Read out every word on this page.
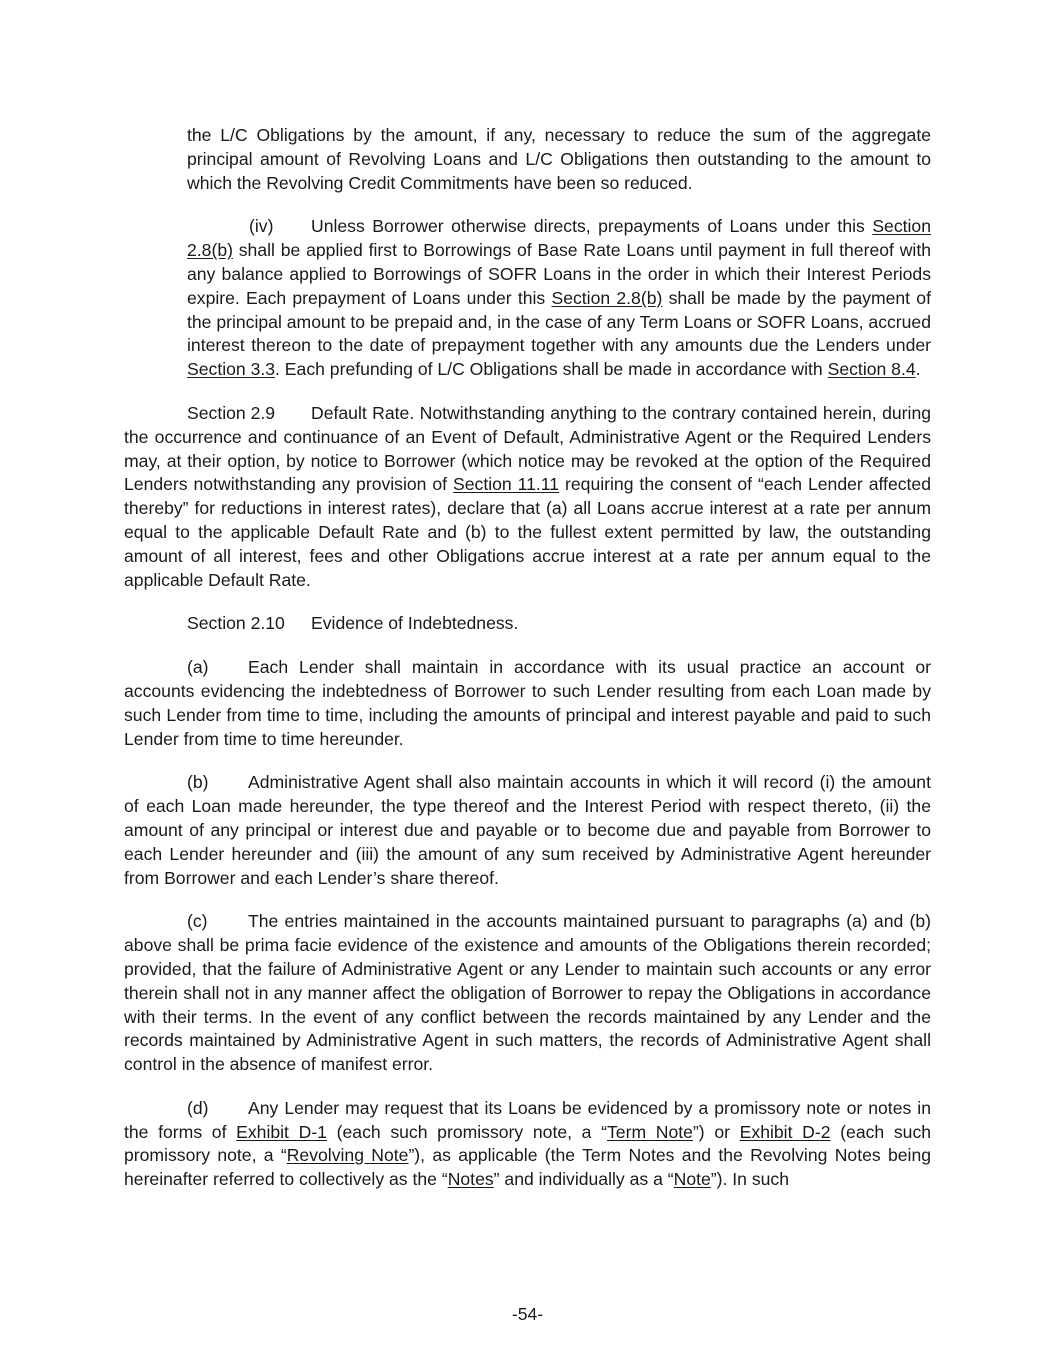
the L/C Obligations by the amount, if any, necessary to reduce the sum of the aggregate principal amount of Revolving Loans and L/C Obligations then outstanding to the amount to which the Revolving Credit Commitments have been so reduced.

(iv) Unless Borrower otherwise directs, prepayments of Loans under this Section 2.8(b) shall be applied first to Borrowings of Base Rate Loans until payment in full thereof with any balance applied to Borrowings of SOFR Loans in the order in which their Interest Periods expire. Each prepayment of Loans under this Section 2.8(b) shall be made by the payment of the principal amount to be prepaid and, in the case of any Term Loans or SOFR Loans, accrued interest thereon to the date of prepayment together with any amounts due the Lenders under Section 3.3. Each prefunding of L/C Obligations shall be made in accordance with Section 8.4.

Section 2.9 Default Rate. Notwithstanding anything to the contrary contained herein, during the occurrence and continuance of an Event of Default, Administrative Agent or the Required Lenders may, at their option, by notice to Borrower (which notice may be revoked at the option of the Required Lenders notwithstanding any provision of Section 11.11 requiring the consent of “each Lender affected thereby” for reductions in interest rates), declare that (a) all Loans accrue interest at a rate per annum equal to the applicable Default Rate and (b) to the fullest extent permitted by law, the outstanding amount of all interest, fees and other Obligations accrue interest at a rate per annum equal to the applicable Default Rate.

Section 2.10 Evidence of Indebtedness.

(a) Each Lender shall maintain in accordance with its usual practice an account or accounts evidencing the indebtedness of Borrower to such Lender resulting from each Loan made by such Lender from time to time, including the amounts of principal and interest payable and paid to such Lender from time to time hereunder.

(b) Administrative Agent shall also maintain accounts in which it will record (i) the amount of each Loan made hereunder, the type thereof and the Interest Period with respect thereto, (ii) the amount of any principal or interest due and payable or to become due and payable from Borrower to each Lender hereunder and (iii) the amount of any sum received by Administrative Agent hereunder from Borrower and each Lender’s share thereof.

(c) The entries maintained in the accounts maintained pursuant to paragraphs (a) and (b) above shall be prima facie evidence of the existence and amounts of the Obligations therein recorded; provided, that the failure of Administrative Agent or any Lender to maintain such accounts or any error therein shall not in any manner affect the obligation of Borrower to repay the Obligations in accordance with their terms. In the event of any conflict between the records maintained by any Lender and the records maintained by Administrative Agent in such matters, the records of Administrative Agent shall control in the absence of manifest error.

(d) Any Lender may request that its Loans be evidenced by a promissory note or notes in the forms of Exhibit D-1 (each such promissory note, a “Term Note”) or Exhibit D-2 (each such promissory note, a “Revolving Note”), as applicable (the Term Notes and the Revolving Notes being hereinafter referred to collectively as the “Notes” and individually as a “Note”). In such

-54-
